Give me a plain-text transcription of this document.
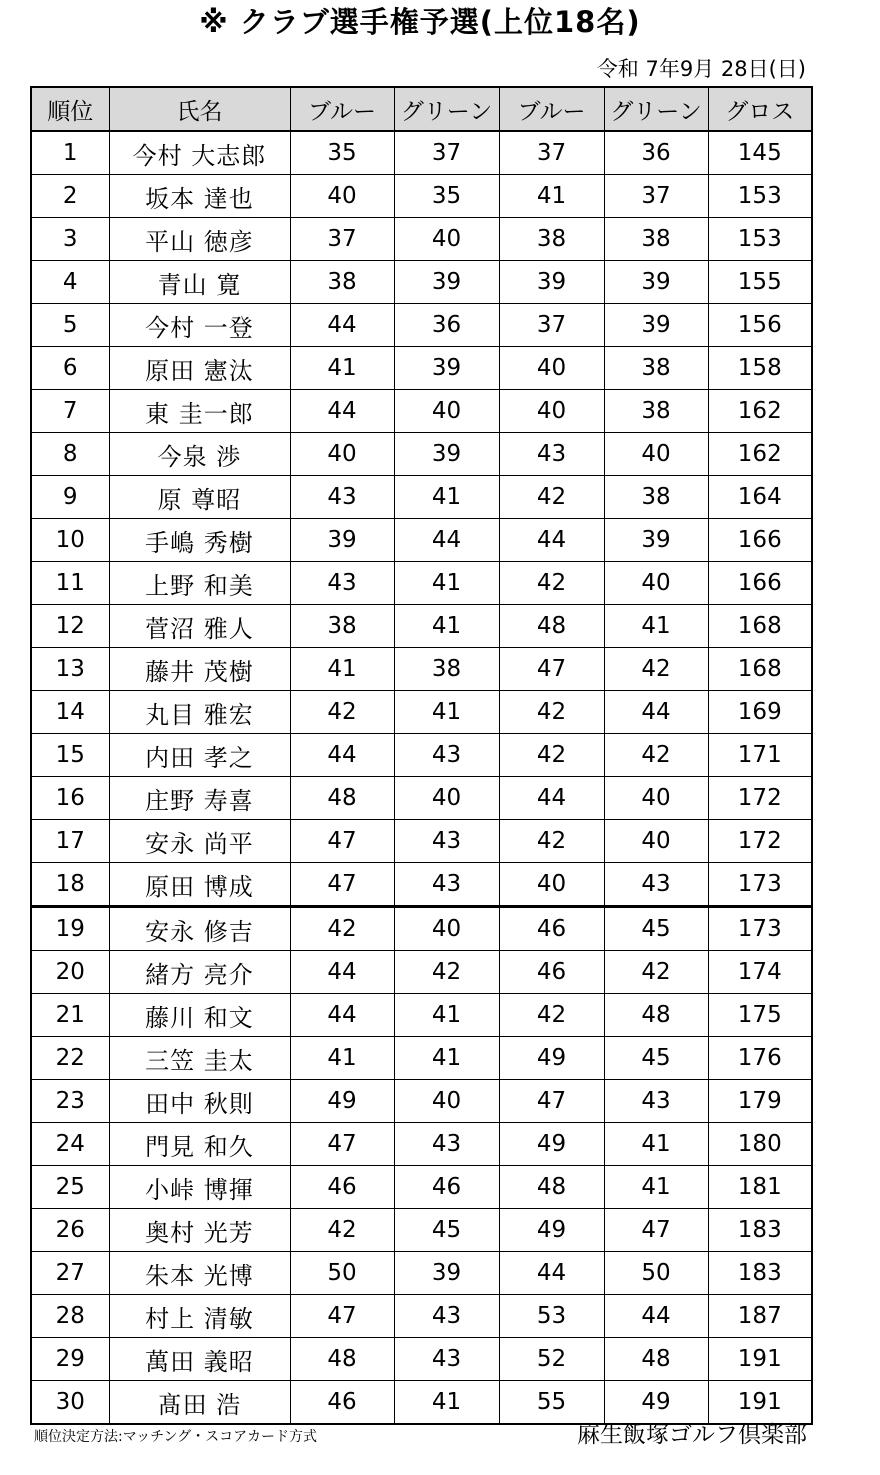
※ クラブ選手権予選(上位18名)
令和 7年9月 28日(日)
順位	氏名	ブルー	グリーン	ブルー	グリーン	グロス
1	今村 大志郎	35	37	37	36	145
2	坂本 達也	40	35	41	37	153
3	平山 徳彦	37	40	38	38	153
4	青山 寛	38	39	39	39	155
5	今村 一登	44	36	37	39	156
6	原田 憲汰	41	39	40	38	158
7	東 圭一郎	44	40	40	38	162
8	今泉 渉	40	39	43	40	162
9	原 尊昭	43	41	42	38	164
10	手嶋 秀樹	39	44	44	39	166
11	上野 和美	43	41	42	40	166
12	菅沼 雅人	38	41	48	41	168
13	藤井 茂樹	41	38	47	42	168
14	丸目 雅宏	42	41	42	44	169
15	内田 孝之	44	43	42	42	171
16	庄野 寿喜	48	40	44	40	172
17	安永 尚平	47	43	42	40	172
18	原田 博成	47	43	40	43	173
19	安永 修吉	42	40	46	45	173
20	緒方 亮介	44	42	46	42	174
21	藤川 和文	44	41	42	48	175
22	三笠 圭太	41	41	49	45	176
23	田中 秋則	49	40	47	43	179
24	門見 和久	47	43	49	41	180
25	小峠 博揮	46	46	48	41	181
26	奥村 光芳	42	45	49	47	183
27	朱本 光博	50	39	44	50	183
28	村上 清敏	47	43	53	44	187
29	萬田 義昭	48	43	52	48	191
30	髙田 浩	46	41	55	49	191
順位決定方法:マッチング・スコアカード方式	麻生飯塚ゴルフ倶楽部
